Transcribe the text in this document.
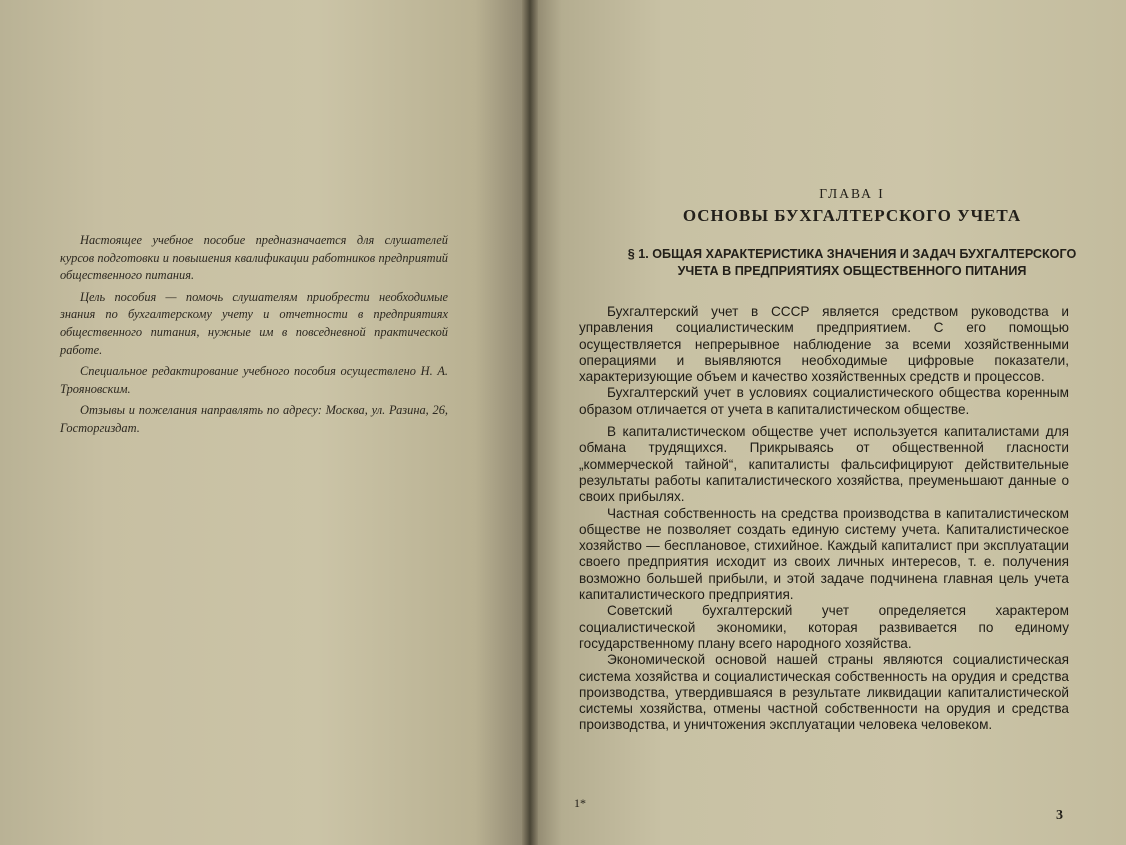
Настоящее учебное пособие предназначается для слушателей курсов подготовки и повышения квалификации работников предприятий общественного питания.

Цель пособия — помочь слушателям приобрести необходимые знания по бухгалтерскому учету и отчетности в предприятиях общественного питания, нужные им в повседневной практической работе.

Специальное редактирование учебного пособия осуществлено Н. А. Трояновским.

Отзывы и пожелания направлять по адресу: Москва, ул. Разина, 26, Госторгиздат.

ГЛАВА I
ОСНОВЫ БУХГАЛТЕРСКОГО УЧЕТА
§ 1. ОБЩАЯ ХАРАКТЕРИСТИКА ЗНАЧЕНИЯ И ЗАДАЧ БУХГАЛТЕРСКОГО УЧЕТА В ПРЕДПРИЯТИЯХ ОБЩЕСТВЕННОГО ПИТАНИЯ

Бухгалтерский учет в СССР является средством руководства и управления социалистическим предприятием. С его помощью осуществляется непрерывное наблюдение за всеми хозяйственными операциями и выявляются необходимые цифровые показатели, характеризующие объем и качество хозяйственных средств и процессов.

Бухгалтерский учет в условиях социалистического общества коренным образом отличается от учета в капиталистическом обществе.

В капиталистическом обществе учет используется капиталистами для обмана трудящихся. Прикрываясь от общественной гласности „коммерческой тайной“, капиталисты фальсифицируют действительные результаты работы капиталистического хозяйства, преуменьшают данные о своих прибылях.

Частная собственность на средства производства в капиталистическом обществе не позволяет создать единую систему учета. Капиталистическое хозяйство — бесплановое, стихийное. Каждый капиталист при эксплуатации своего предприятия исходит из своих личных интересов, т. е. получения возможно большей прибыли, и этой задаче подчинена главная цель учета капиталистического предприятия.

Советский бухгалтерский учет определяется характером социалистической экономики, которая развивается по единому государственному плану всего народного хозяйства.

Экономической основой нашей страны являются социалистическая система хозяйства и социалистическая собственность на орудия и средства производства, утвердившаяся в результате ликвидации капиталистической системы хозяйства, отмены частной собственности на орудия и средства производства, и уничтожения эксплуатации человека человеком.

1*
3
